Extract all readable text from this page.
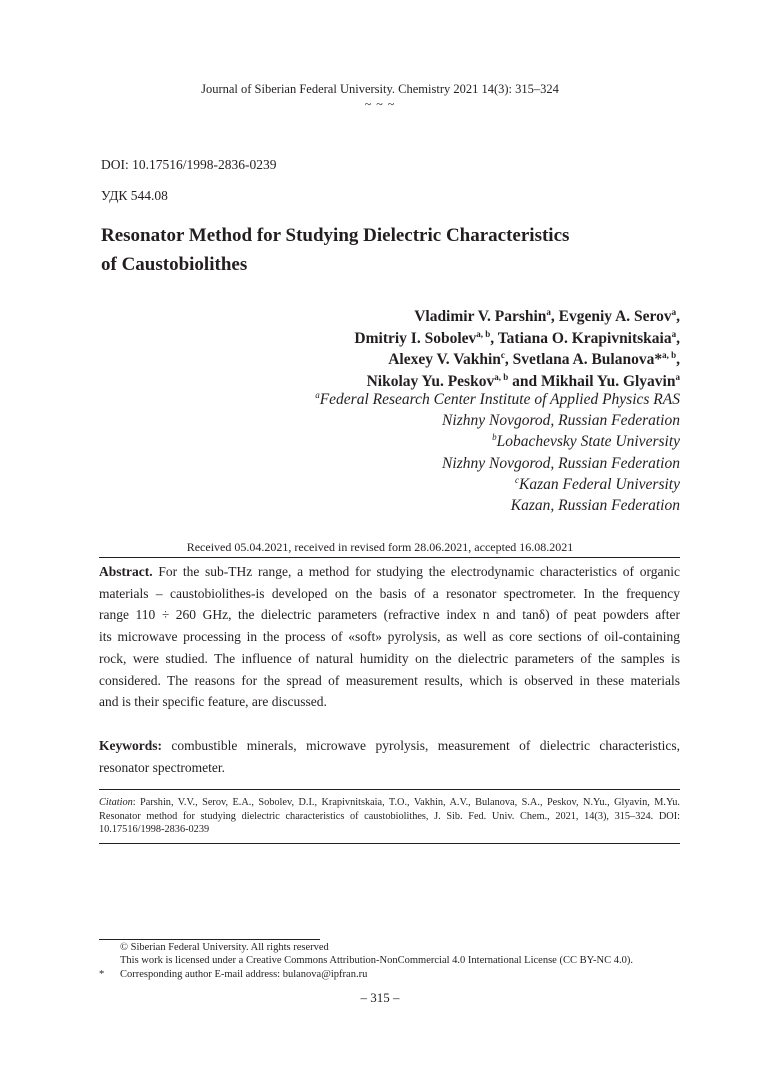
Journal of Siberian Federal University. Chemistry 2021 14(3): 315–324
~ ~ ~
DOI: 10.17516/1998-2836-0239
УДК 544.08
Resonator Method for Studying Dielectric Characteristics
of Caustobiolithes
Vladimir V. Parshin$^a$, Evgeniy A. Serov$^a$,
Dmitriy I. Sobolev$^{a, b}$, Tatiana O. Krapivnitskaia$^a$,
Alexey V. Vakhin$^c$, Svetlana A. Bulanova*$^{a, b}$,
Nikolay Yu. Peskov$^{a, b}$ and Mikhail Yu. Glyavin$^a$
$^a$Federal Research Center Institute of Applied Physics RAS
Nizhny Novgorod, Russian Federation
$^b$Lobachevsky State University
Nizhny Novgorod, Russian Federation
$^c$Kazan Federal University
Kazan, Russian Federation
Received 05.04.2021, received in revised form 28.06.2021, accepted 16.08.2021
Abstract. For the sub-THz range, a method for studying the electrodynamic characteristics of organic
materials – caustobiolithes-is developed on the basis of a resonator spectrometer. In the frequency
range 110 ÷ 260 GHz, the dielectric parameters (refractive index n and tanδ) of peat powders after
its microwave processing in the process of «soft» pyrolysis, as well as core sections of oil-containing
rock, were studied. The influence of natural humidity on the dielectric parameters of the samples is
considered. The reasons for the spread of measurement results, which is observed in these materials
and is their specific feature, are discussed.
Keywords: combustible minerals, microwave pyrolysis, measurement of dielectric characteristics,
resonator spectrometer.
Citation: Parshin, V.V., Serov, E.A., Sobolev, D.I., Krapivnitskaia, T.O., Vakhin, A.V., Bulanova, S.A., Peskov, N.Yu., Glyavin, M.Yu.
Resonator method for studying dielectric characteristics of caustobiolithes, J. Sib. Fed. Univ. Chem., 2021, 14(3), 315–324. DOI:
10.17516/1998-2836-0239
© Siberian Federal University. All rights reserved
This work is licensed under a Creative Commons Attribution-NonCommercial 4.0 International License (CC BY-NC 4.0).
* Corresponding author E-mail address: bulanova@ipfran.ru
– 315 –
